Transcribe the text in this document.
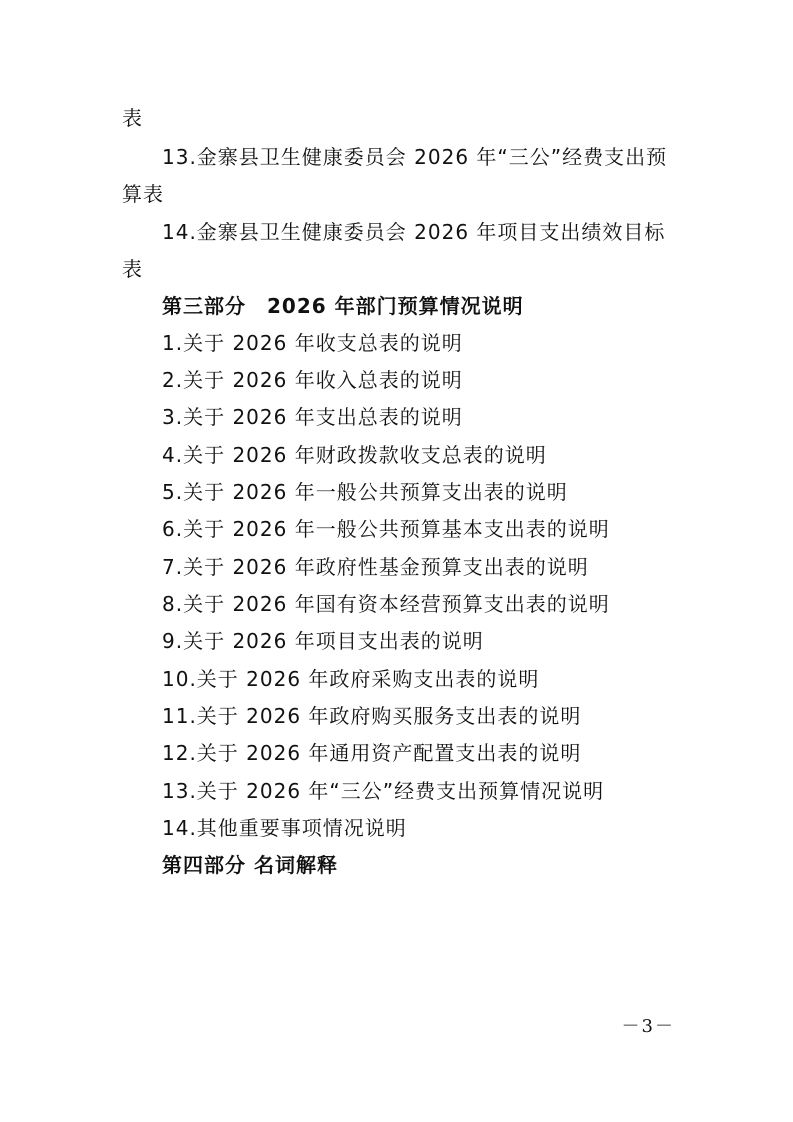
表
13.金寨县卫生健康委员会 2026 年“三公”经费支出预
算表
14.金寨县卫生健康委员会 2026 年项目支出绩效目标
表
第三部分　2026 年部门预算情况说明
1.关于 2026 年收支总表的说明
2.关于 2026 年收入总表的说明
3.关于 2026 年支出总表的说明
4.关于 2026 年财政拨款收支总表的说明
5.关于 2026 年一般公共预算支出表的说明
6.关于 2026 年一般公共预算基本支出表的说明
7.关于 2026 年政府性基金预算支出表的说明
8.关于 2026 年国有资本经营预算支出表的说明
9.关于 2026 年项目支出表的说明
10.关于 2026 年政府采购支出表的说明
11.关于 2026 年政府购买服务支出表的说明
12.关于 2026 年通用资产配置支出表的说明
13.关于 2026 年“三公”经费支出预算情况说明
14.其他重要事项情况说明
第四部分 名词解释
－3－
